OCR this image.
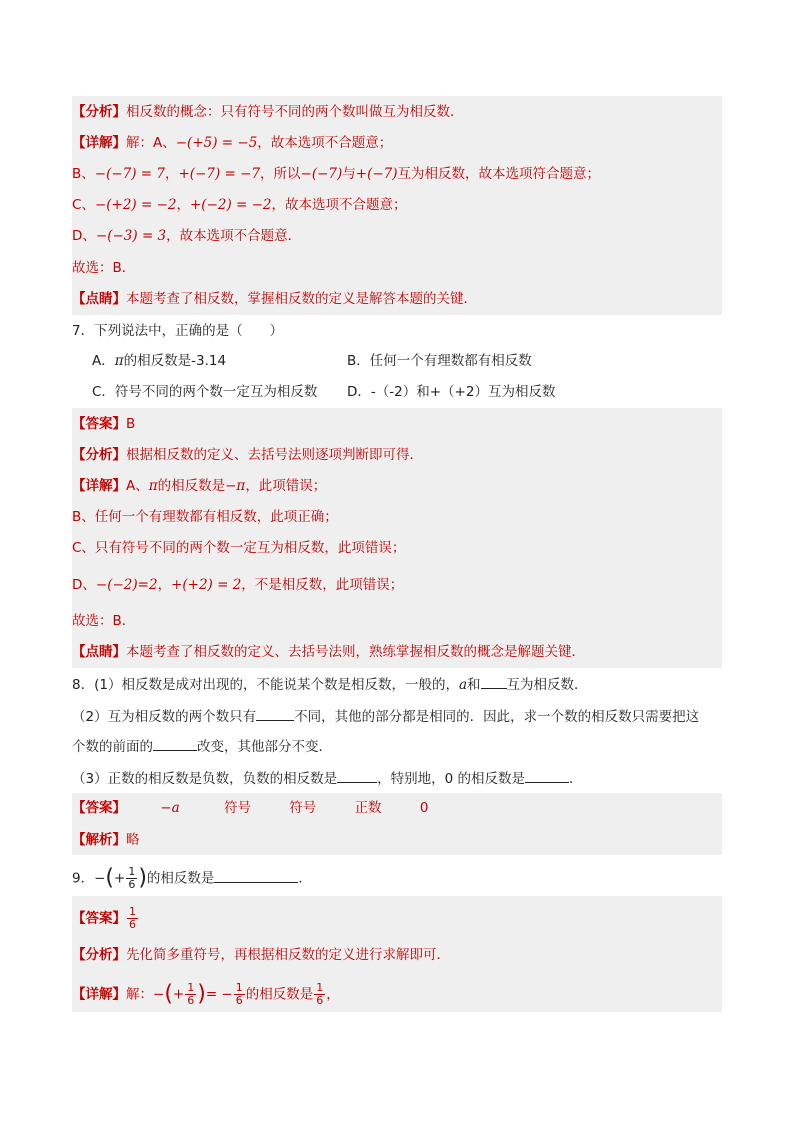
【分析】相反数的概念：只有符号不同的两个数叫做互为相反数．
【详解】解：A、−(+5) = −5，故本选项不合题意；
B、−(−7) = 7，+(−7) = −7，所以−(−7)与+(−7)互为相反数，故本选项符合题意；
C、−(+2) = −2，+(−2) = −2，故本选项不合题意；
D、−(−3) = 3，故本选项不合题意．
故选：B．
【点睛】本题考查了相反数，掌握相反数的定义是解答本题的关键．
7．下列说法中，正确的是（　　）
A．π的相反数是-3.14	B．任何一个有理数都有相反数
C．符号不同的两个数一定互为相反数 D．-（-2）和+（+2）互为相反数
【答案】B
【分析】根据相反数的定义、去括号法则逐项判断即可得．
【详解】A、π的相反数是−π，此项错误；
B、任何一个有理数都有相反数，此项正确；
C、只有符号不同的两个数一定互为相反数，此项错误；
D、−(−2)=2，+(+2) = 2，不是相反数，此项错误；
故选：B．
【点睛】本题考查了相反数的定义、去括号法则，熟练掌握相反数的概念是解题关键．
8．(1）相反数是成对出现的，不能说某个数是相反数，一般的，a和 互为相反数．
（2）互为相反数的两个数只有	不同，其他的部分都是相同的．因此，求一个数的相反数只需要把这
个数的前面的	改变，其他部分不变．
（3）正数的相反数是负数，负数的相反数是	，特别地，0 的相反数是	．
【答案】	−a	符号	符号	正数	0
【解析】略
9．−(+ $\frac{1}{6}$ )的相反数是	．
【答案】 $\frac{1}{6}$
【分析】先化简多重符号，再根据相反数的定义进行求解即可．
【详解】解：−(+ $\frac{1}{6}$ )= − $\frac{1}{6}$ 的相反数是 $\frac{1}{6}$ ，
